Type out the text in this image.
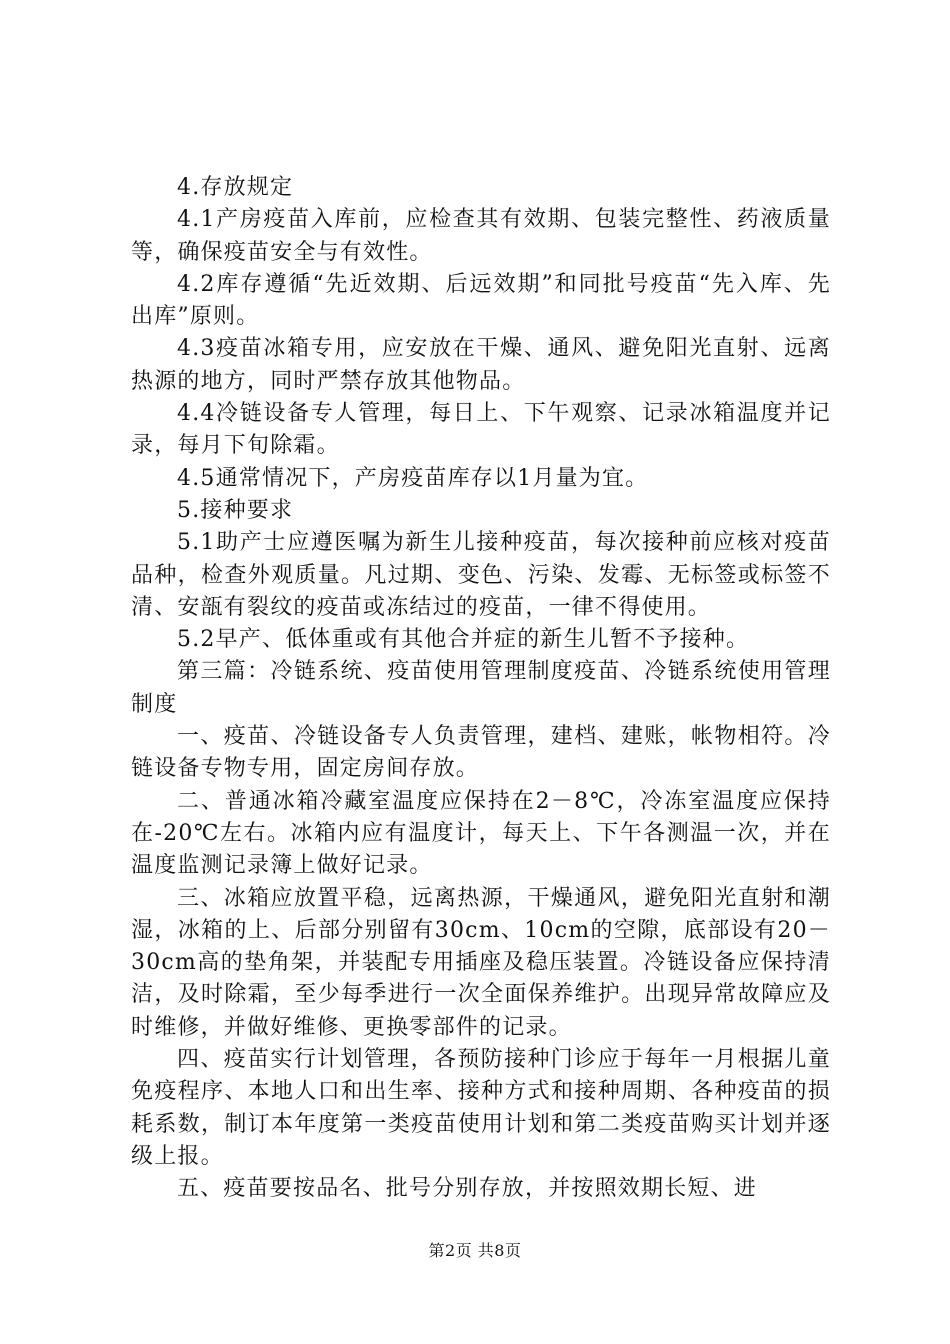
4.存放规定

4.1产房疫苗入库前，应检查其有效期、包装完整性、药液质量等，确保疫苗安全与有效性。

4.2库存遵循“先近效期、后远效期”和同批号疫苗“先入库、先出库”原则。

4.3疫苗冰箱专用，应安放在干燥、通风、避免阳光直射、远离热源的地方，同时严禁存放其他物品。

4.4冷链设备专人管理，每日上、下午观察、记录冰箱温度并记录，每月下旬除霜。

4.5通常情况下，产房疫苗库存以1月量为宜。

5.接种要求

5.1助产士应遵医嘱为新生儿接种疫苗，每次接种前应核对疫苗品种，检查外观质量。凡过期、变色、污染、发霉、无标签或标签不清、安瓿有裂纹的疫苗或冻结过的疫苗，一律不得使用。

5.2早产、低体重或有其他合并症的新生儿暂不予接种。

第三篇：冷链系统、疫苗使用管理制度疫苗、冷链系统使用管理制度

一、疫苗、冷链设备专人负责管理，建档、建账，帐物相符。冷链设备专物专用，固定房间存放。

二、普通冰箱冷藏室温度应保持在2－8℃，冷冻室温度应保持在-20℃左右。冰箱内应有温度计，每天上、下午各测温一次，并在温度监测记录簿上做好记录。

三、冰箱应放置平稳，远离热源，干燥通风，避免阳光直射和潮湿，冰箱的上、后部分别留有30cm、10cm的空隙，底部设有20－30cm高的垫角架，并装配专用插座及稳压装置。冷链设备应保持清洁，及时除霜，至少每季进行一次全面保养维护。出现异常故障应及时维修，并做好维修、更换零部件的记录。

四、疫苗实行计划管理，各预防接种门诊应于每年一月根据儿童免疫程序、本地人口和出生率、接种方式和接种周期、各种疫苗的损耗系数，制订本年度第一类疫苗使用计划和第二类疫苗购买计划并逐级上报。

五、疫苗要按品名、批号分别存放，并按照效期长短、进

第2页 共8页
